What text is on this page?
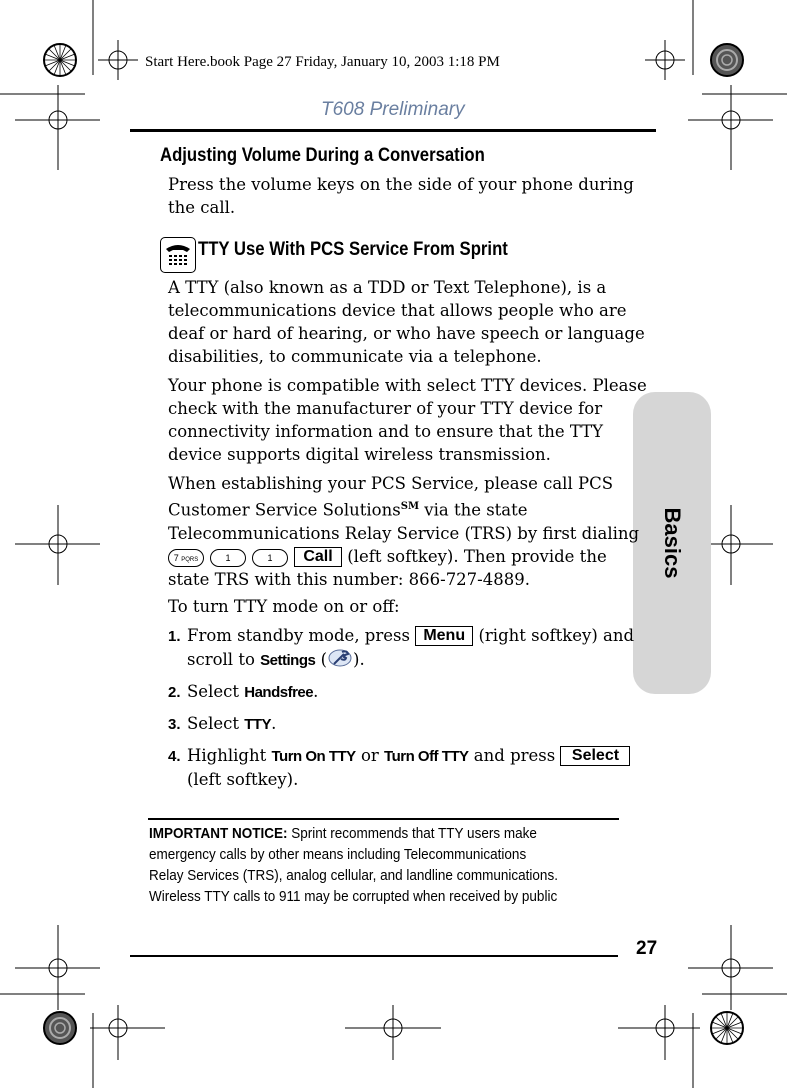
Start Here.book Page 27 Friday, January 10, 2003 1:18 PM
T608 Preliminary
Basics
Adjusting Volume During a Conversation
Press the volume keys on the side of your phone during
the call.
TTY Use With PCS Service From Sprint
A TTY (also known as a TDD or Text Telephone), is a
telecommunications device that allows people who are
deaf or hard of hearing, or who have speech or language
disabilities, to communicate via a telephone.
Your phone is compatible with select TTY devices. Please
check with the manufacturer of your TTY device for
connectivity information and to ensure that the TTY
device supports digital wireless transmission.
When establishing your PCS Service, please call PCS
Customer Service Solutions℠ via the state
Telecommunications Relay Service (TRS) by first dialing
7 PQRS	1	1 Call (left softkey). Then provide the
state TRS with this number: 866-727-4889.
To turn TTY mode on or off:
1. From standby mode, press Menu (right softkey) and
scroll to Settings ( ).
2. Select Handsfree.
3. Select TTY.
4. Highlight Turn On TTY or Turn Off TTY and press Select
(left softkey).
IMPORTANT NOTICE: Sprint recommends that TTY users make
emergency calls by other means including Telecommunications
Relay Services (TRS), analog cellular, and landline communications.
Wireless TTY calls to 911 may be corrupted when received by public
27
